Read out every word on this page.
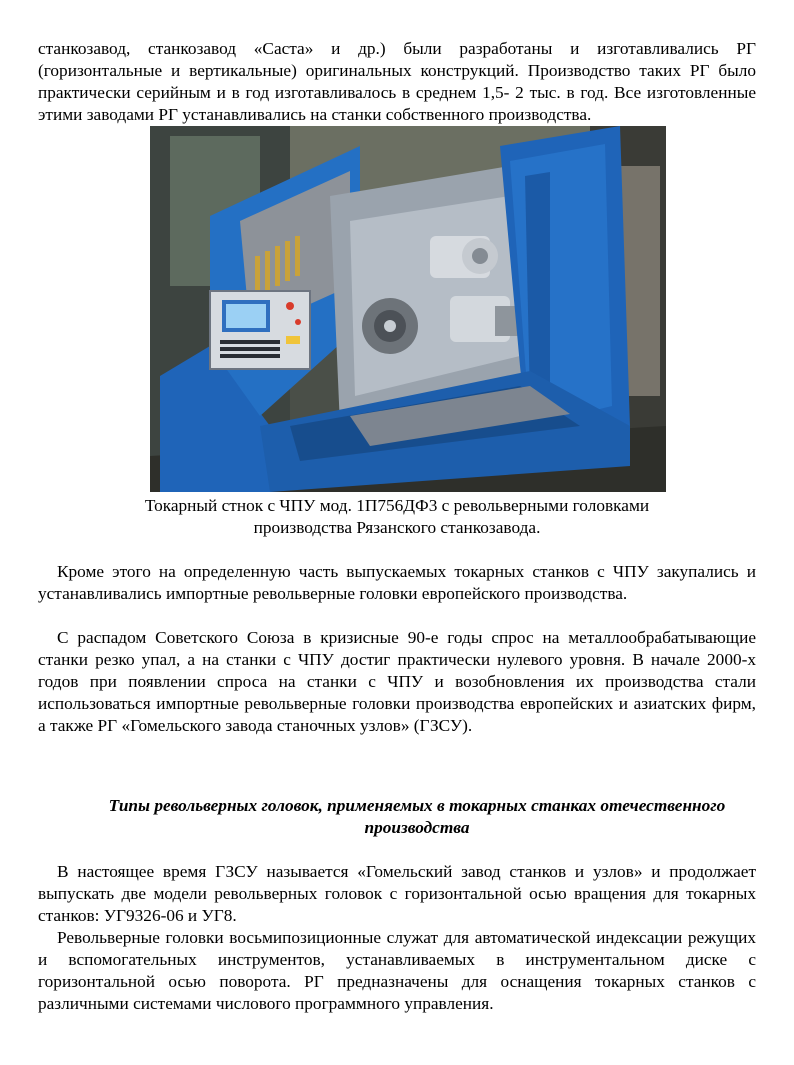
станкозавод, станкозавод «Саста» и др.) были разработаны и изготавливались РГ (горизонтальные и вертикальные) оригинальных конструкций. Производство таких РГ было практически серийным и в год изготавливалось в среднем 1,5- 2 тыс. в год. Все изготовленные этими заводами РГ устанавливались на станки собственного производства.

Токарный стнок с ЧПУ мод. 1П756ДФ3 с револьверными головками
производства Рязанского станкозавода.

Кроме этого на определенную часть выпускаемых токарных станков с ЧПУ закупались и устанавливались импортные револьверные головки европейского производства.

С распадом Советского Союза в кризисные 90-е годы спрос на металлообрабатывающие станки резко упал, а на станки с ЧПУ достиг практически нулевого уровня. В начале 2000-х годов при появлении спроса на станки с ЧПУ и возобновления их производства стали использоваться импортные револьверные головки производства европейских и азиатских фирм, а также РГ «Гомельского завода станочных узлов» (ГЗСУ).

Типы револьверных головок, применяемых в токарных станках отечественного
производства

В настоящее время ГЗСУ называется «Гомельский завод станков и узлов» и продолжает выпускать две модели револьверных головок с горизонтальной осью вращения для токарных станков: УГ9326-06 и УГ8.

Револьверные головки восьмипозиционные служат для автоматической индексации режущих и вспомогательных инструментов, устанавливаемых в инструментальном диске с горизонтальной осью поворота. РГ предназначены для оснащения токарных станков с различными системами числового программного управления.
